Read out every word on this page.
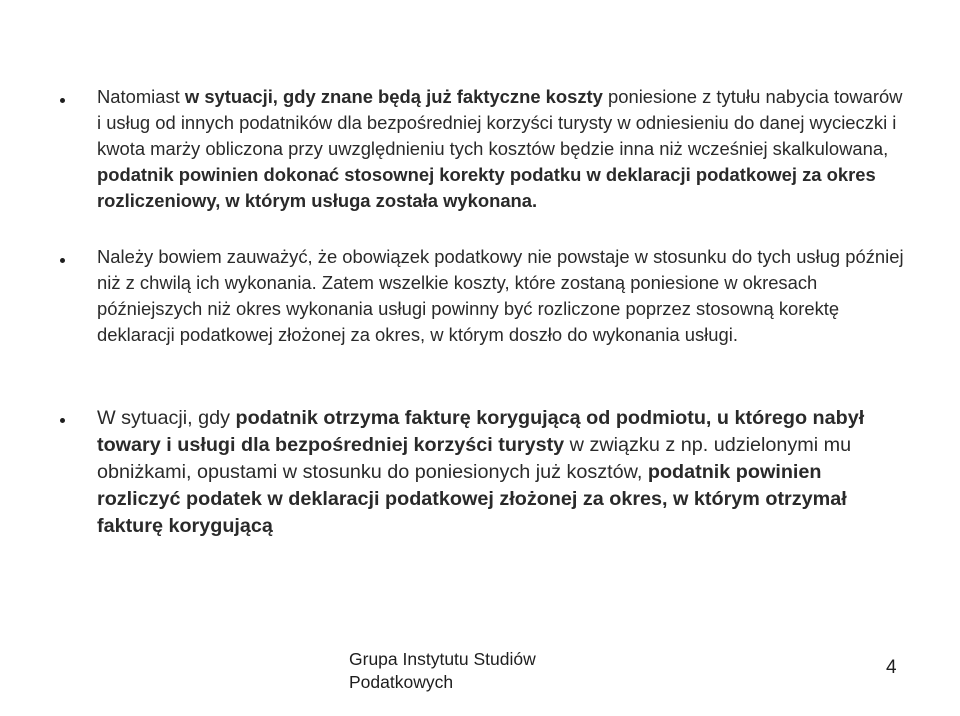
Natomiast w sytuacji, gdy znane będą już faktyczne koszty poniesione z tytułu nabycia towarów i usług od innych podatników dla bezpośredniej korzyści turysty w odniesieniu do danej wycieczki i kwota marży obliczona przy uwzględnieniu tych kosztów będzie inna niż wcześniej skalkulowana, podatnik powinien dokonać stosownej korekty podatku w deklaracji podatkowej za okres rozliczeniowy, w którym usługa została wykonana.
Należy bowiem zauważyć, że obowiązek podatkowy nie powstaje w stosunku do tych usług później niż z chwilą ich wykonania. Zatem wszelkie koszty, które zostaną poniesione w okresach późniejszych niż okres wykonania usługi powinny być rozliczone poprzez stosowną korektę deklaracji podatkowej złożonej za okres, w którym doszło do wykonania usługi.
W sytuacji, gdy podatnik otrzyma fakturę korygującą od podmiotu, u którego nabył towary i usługi dla bezpośredniej korzyści turysty w związku z np. udzielonymi mu obniżkami, opustami w stosunku do poniesionych już kosztów, podatnik powinien rozliczyć podatek w deklaracji podatkowej złożonej za okres, w którym otrzymał fakturę korygującą
Grupa Instytutu Studiów Podatkowych
4
